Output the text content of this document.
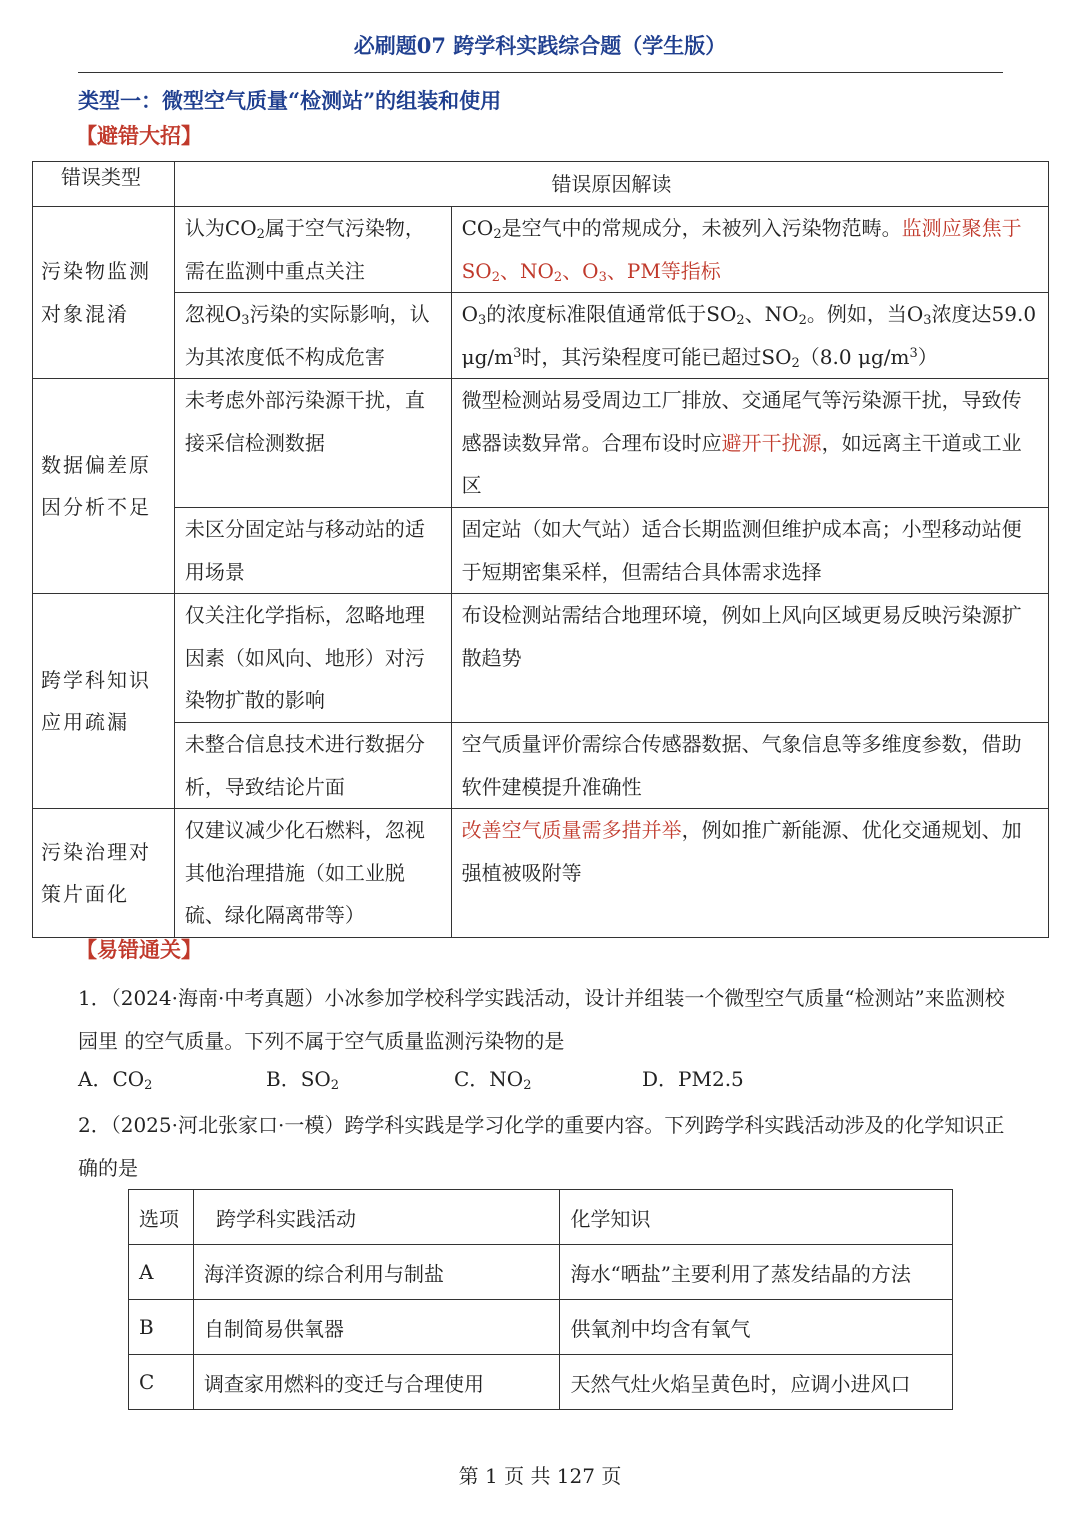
必刷题07 跨学科实践综合题（学生版）
类型一：微型空气质量“检测站”的组装和使用
【避错大招】
错误类型	错误原因解读	
污染物监测对象混淆	认为$CO_2$属于空气污染物，需在监测中重点关注	$CO_2$是空气中的常规成分，未被列入污染物范畴。监测应聚焦于$SO_2$、$NO_2$、$O_3$、PM等指标
	忽视$O_3$污染的实际影响，认为其浓度低不构成危害	$O_3$的浓度标准限值通常低于$SO_2$、$NO_2$。例如，当$O_3$浓度达59.0 $\mu g/m^3$时，其污染程度可能已超过$SO_2(8.0$ $\mu g/m^3$）
数据偏差原因分析不足	未考虑外部污染源干扰，直接采信检测数据	微型检测站易受周边工厂排放、交通尾气等污染源干扰，导致传感器读数异常。合理布设时应避开干扰源，如远离主干道或工业区
	未区分固定站与移动站的适用场景	固定站（如大气站）适合长期监测但维护成本高；小型移动站便于短期密集采样，但需结合具体需求选择
跨学科知识应用疏漏	仅关注化学指标，忽略地理因素（如风向、地形）对污染物扩散的影响	布设检测站需结合地理环境，例如上风向区域更易反映污染源扩散趋势
	未整合信息技术进行数据分析，导致结论片面	空气质量评价需综合传感器数据、气象信息等多维度参数，借助软件建模提升准确性
污染治理对策片面化	仅建议减少化石燃料，忽视其他治理措施（如工业脱硫、绿化隔离带等）	改善空气质量需多措并举，例如推广新能源、优化交通规划、加强植被吸附等
【易错通关】
1．（2024·海南·中考真题）小冰参加学校科学实践活动，设计并组装一个微型空气质量“检测站”来监测校园里 的空气质量。下列不属于空气质量监测污染物的是
A．$CO_2$	B．$SO_2$	C．$NO_2$	D．PM2.5
2．（2025·河北张家口·一模）跨学科实践是学习化学的重要内容。下列跨学科实践活动涉及的化学知识正确的是
选项	跨学科实践活动	化学知识
A	海洋资源的综合利用与制盐	海水“晒盐”主要利用了蒸发结晶的方法
B	自制简易供氧器	供氧剂中均含有氧气
C	调查家用燃料的变迁与合理使用	天然气灶火焰呈黄色时，应调小进风口
第 1 页 共 127 页
